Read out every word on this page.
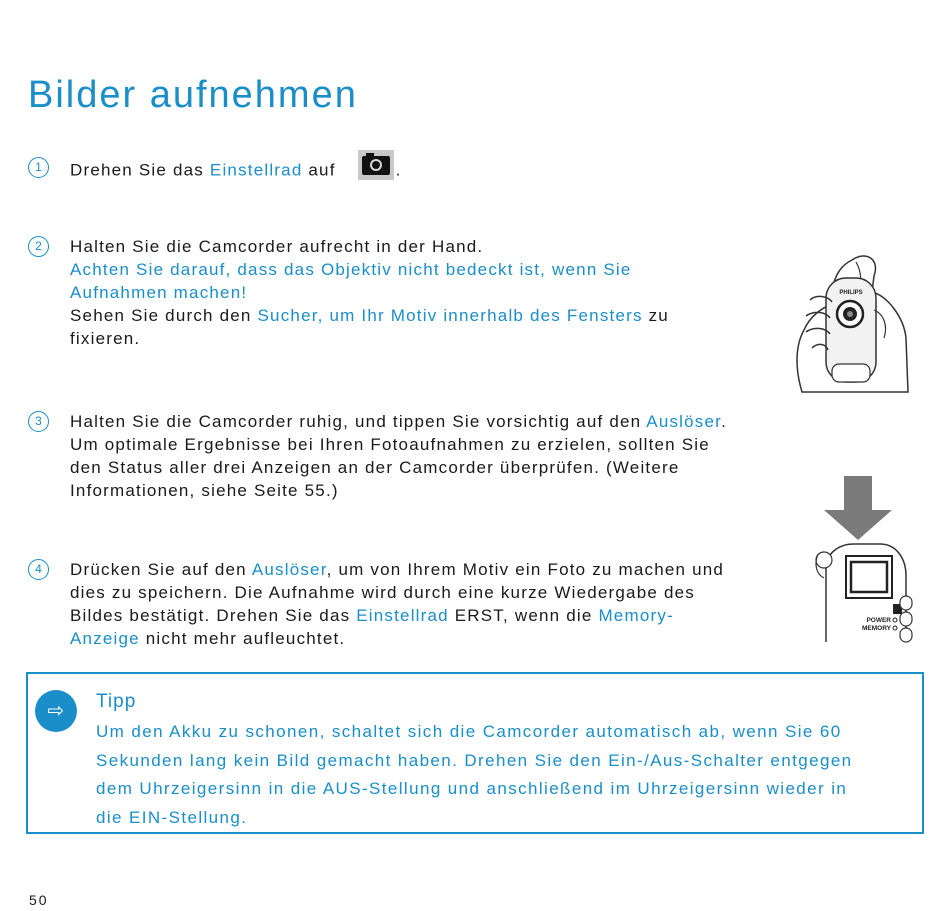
Bilder aufnehmen
1	Drehen Sie das Einstellrad auf	.
2	Halten Sie die Camcorder aufrecht in der Hand.
Achten Sie darauf, dass das Objektiv nicht bedeckt ist, wenn Sie
Aufnahmen machen!
Sehen Sie durch den Sucher, um Ihr Motiv innerhalb des Fensters zu
fixieren.
3	Halten Sie die Camcorder ruhig, und tippen Sie vorsichtig auf den Auslöser.
Um optimale Ergebnisse bei Ihren Fotoaufnahmen zu erzielen, sollten Sie
den Status aller drei Anzeigen an der Camcorder überprüfen. (Weitere
Informationen, siehe Seite 55.)
4	Drücken Sie auf den Auslöser, um von Ihrem Motiv ein Foto zu machen und
dies zu speichern. Die Aufnahme wird durch eine kurze Wiedergabe des
Bildes bestätigt. Drehen Sie das Einstellrad ERST, wenn die Memory-
Anzeige nicht mehr aufleuchtet.
PHILIPS
POWER
MEMORY
⇨	Tipp
Um den Akku zu schonen, schaltet sich die Camcorder automatisch ab, wenn Sie 60
Sekunden lang kein Bild gemacht haben. Drehen Sie den Ein-/Aus-Schalter entgegen
dem Uhrzeigersinn in die AUS-Stellung und anschließend im Uhrzeigersinn wieder in
die EIN-Stellung.
50
